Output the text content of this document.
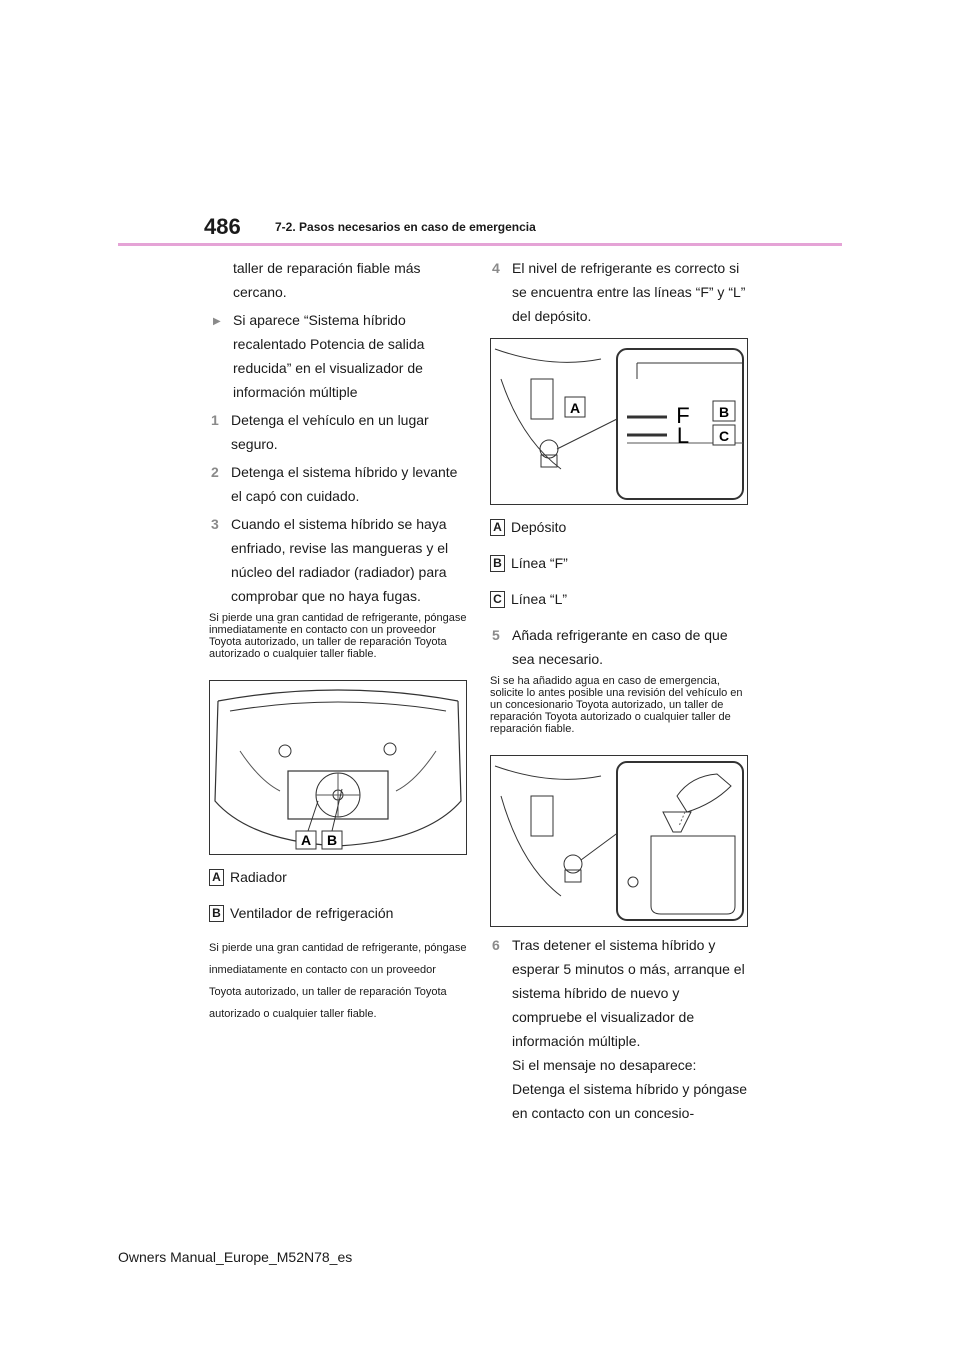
486	7-2. Pasos necesarios en caso de emergencia

taller de reparación fiable más cercano.

▶ Si aparece “Sistema híbrido recalentado Potencia de salida reducida” en el visualizador de información múltiple
1 Detenga el vehículo en un lugar seguro.
2 Detenga el sistema híbrido y levante el capó con cuidado.
3 Cuando el sistema híbrido se haya enfriado, revise las mangueras y el núcleo del radiador (radiador) para comprobar que no haya fugas.

Si pierde una gran cantidad de refrigerante, póngase inmediatamente en contacto con un proveedor Toyota autorizado, un taller de reparación Toyota autorizado o cualquier taller fiable.

A B
A Radiador
B Ventilador de refrigeración

Si pierde una gran cantidad de refrigerante, póngase inmediatamente en contacto con un proveedor Toyota autorizado, un taller de reparación Toyota autorizado o cualquier taller fiable.

4 El nivel de refrigerante es correcto si se encuentra entre las líneas “F” y “L” del depósito.
A	F
L
B
C
A Depósito
B Línea “F”
C Línea “L”
5 Añada refrigerante en caso de que sea necesario.

Si se ha añadido agua en caso de emergencia, solicite lo antes posible una revisión del vehículo en un concesionario Toyota autorizado, un taller de reparación Toyota autorizado o cualquier taller de reparación fiable.

6 Tras detener el sistema híbrido y esperar 5 minutos o más, arranque el sistema híbrido de nuevo y compruebe el visualizador de información múltiple.
Si el mensaje no desaparece:
Detenga el sistema híbrido y póngase en contacto con un concesio-
Owners Manual_Europe_M52N78_es
